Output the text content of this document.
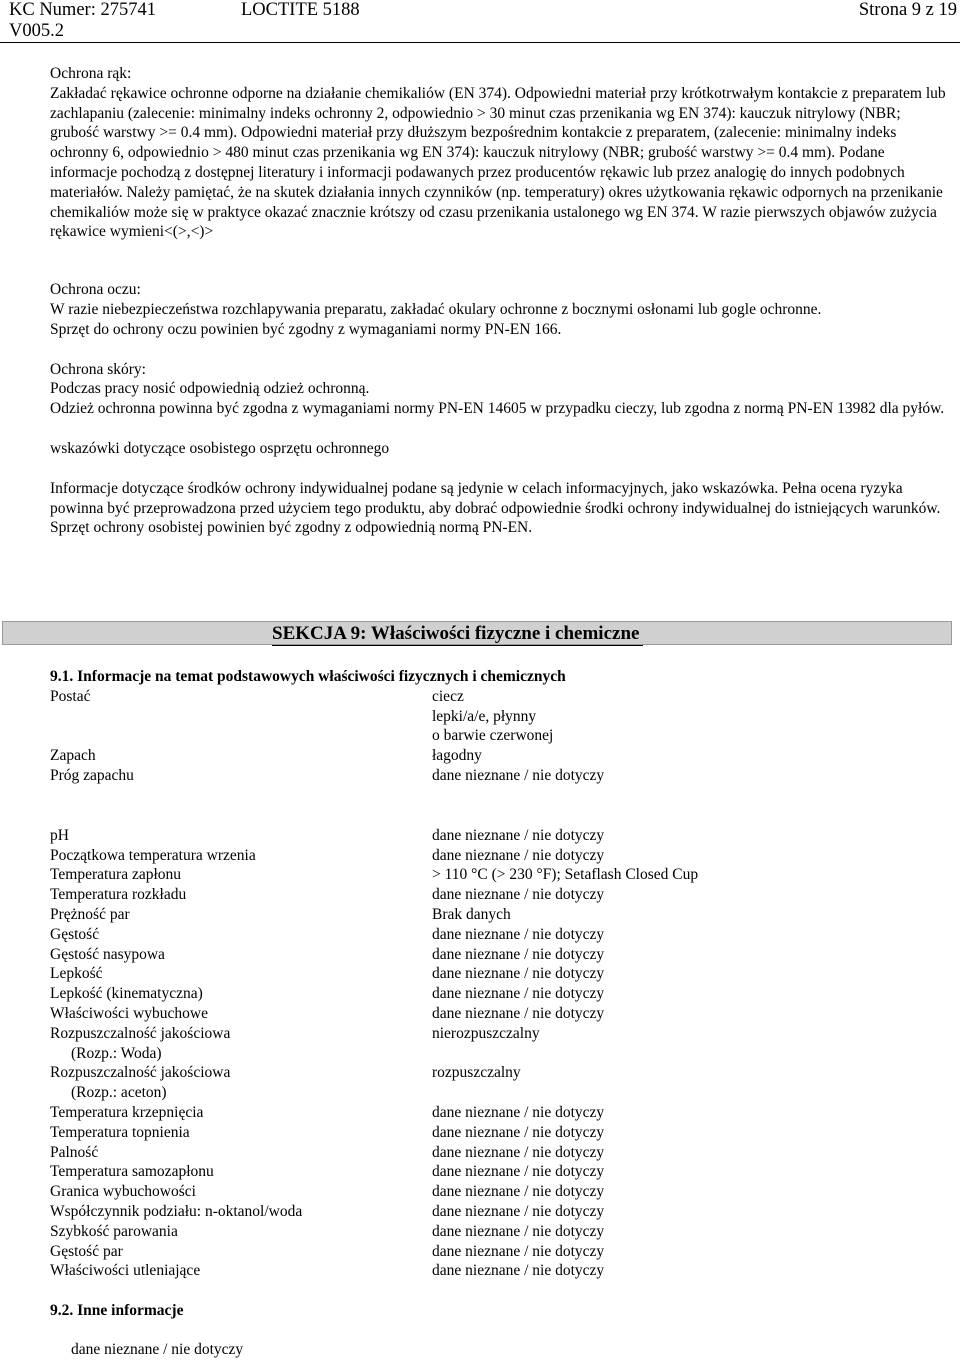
KC Numer: 275741	LOCTITE 5188	Strona 9 z 19
V005.2

Ochrona rąk:

Zakładać rękawice ochronne odporne na działanie chemikaliów (EN 374). Odpowiedni materiał przy krótkotrwałym kontakcie z preparatem lub zachlapaniu (zalecenie: minimalny indeks ochronny 2, odpowiednio > 30 minut czas przenikania wg EN 374): kauczuk nitrylowy (NBR; grubość warstwy >= 0.4 mm). Odpowiedni materiał przy dłuższym bezpośrednim kontakcie z preparatem, (zalecenie: minimalny indeks ochronny 6, odpowiednio > 480 minut czas przenikania wg EN 374): kauczuk nitrylowy (NBR; grubość warstwy >= 0.4 mm). Podane informacje pochodzą z dostępnej literatury i informacji podawanych przez producentów rękawic lub przez analogię do innych podobnych materiałów. Należy pamiętać, że na skutek działania innych czynników (np. temperatury) okres użytkowania rękawic odpornych na przenikanie chemikaliów może się w praktyce okazać znacznie krótszy od czasu przenikania ustalonego wg EN 374. W razie pierwszych objawów zużycia rękawice wymieni<(>,<)>

Ochrona oczu:

W razie niebezpieczeństwa rozchlapywania preparatu, zakładać okulary ochronne z bocznymi osłonami lub gogle ochronne.

Sprzęt do ochrony oczu powinien być zgodny z wymaganiami normy PN-EN 166.

Ochrona skóry:

Podczas pracy nosić odpowiednią odzież ochronną.

Odzież ochronna powinna być zgodna z wymaganiami normy PN-EN 14605 w przypadku cieczy, lub zgodna z normą PN-EN 13982 dla pyłów.

wskazówki dotyczące osobistego osprzętu ochronnego

Informacje dotyczące środków ochrony indywidualnej podane są jedynie w celach informacyjnych, jako wskazówka. Pełna ocena ryzyka powinna być przeprowadzona przed użyciem tego produktu, aby dobrać odpowiednie środki ochrony indywidualnej do istniejących warunków. Sprzęt ochrony osobistej powinien być zgodny z odpowiednią normą PN-EN.

SEKCJA 9: Właściwości fizyczne i chemiczne
9.1. Informacje na temat podstawowych właściwości fizycznych i chemicznych
Postać	ciecz
lepki/a/e, płynny
o barwie czerwonej
Zapach	łagodny
Próg zapachu	dane nieznane / nie dotyczy
pH	dane nieznane / nie dotyczy
Początkowa temperatura wrzenia	dane nieznane / nie dotyczy
Temperatura zapłonu	> 110 °C (> 230 °F); Setaflash Closed Cup
Temperatura rozkładu	dane nieznane / nie dotyczy
Prężność par	Brak danych
Gęstość	dane nieznane / nie dotyczy
Gęstość nasypowa	dane nieznane / nie dotyczy
Lepkość	dane nieznane / nie dotyczy
Lepkość (kinematyczna)	dane nieznane / nie dotyczy
Właściwości wybuchowe	dane nieznane / nie dotyczy
Rozpuszczalność jakościowa	nierozpuszczalny
(Rozp.: Woda)
Rozpuszczalność jakościowa	rozpuszczalny
(Rozp.: aceton)
Temperatura krzepnięcia	dane nieznane / nie dotyczy
Temperatura topnienia	dane nieznane / nie dotyczy
Palność	dane nieznane / nie dotyczy
Temperatura samozapłonu	dane nieznane / nie dotyczy
Granica wybuchowości	dane nieznane / nie dotyczy
Współczynnik podziału: n-oktanol/woda	dane nieznane / nie dotyczy
Szybkość parowania	dane nieznane / nie dotyczy
Gęstość par	dane nieznane / nie dotyczy
Właściwości utleniające	dane nieznane / nie dotyczy
9.2. Inne informacje
dane nieznane / nie dotyczy
